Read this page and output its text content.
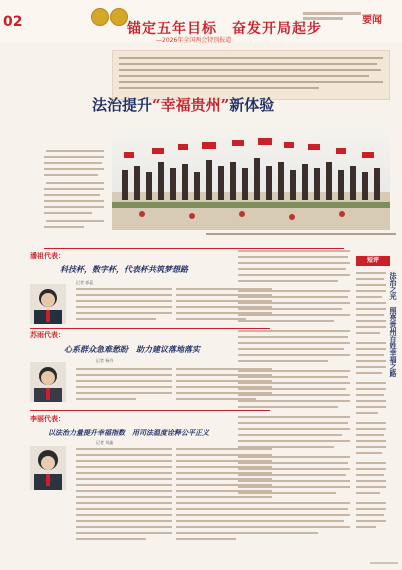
02	锚定五年目标　奋发开局起步
—2026年全国两会特别报道
要闻
法治提升“幸福贵州”新体验
潘祖代表：
科技杯，数字杯，代表杯共筑梦想路
记者 郭蕊
苏雨代表：
心系群众急难愁盼　助力建议落地落实
记者 杨丹
李丽代表：
以法治力量提升幸福指数　用司法温度诠释公平正义
记者 刘鑫
短评
法治之光　照亮贵州百姓幸福之路
